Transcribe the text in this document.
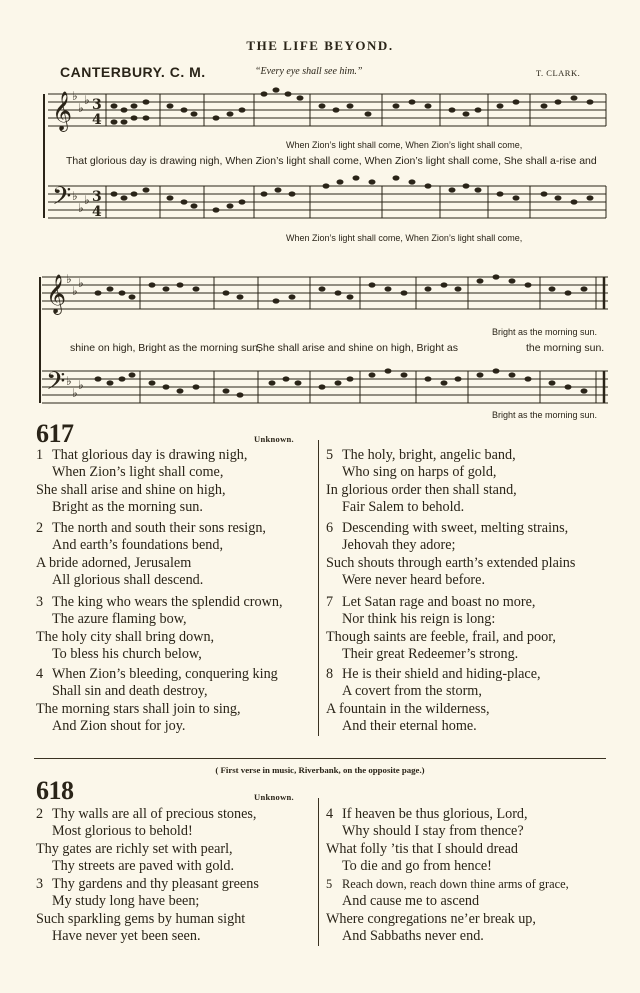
THE LIFE BEYOND.
CANTERBURY. C. M.	“Every eye shall see him.”	T. CLARK.
𝄞
𝄢
♭
♭
♭
♭
♭
♭
3
4
3
4
When Zion’s light shall come, When Zion’s light shall come,
That glorious day is drawing nigh, When Zion’s light shall come, When Zion’s light shall come, She shall a-rise and
When Zion’s light shall come, When Zion’s light shall come,
𝄞
𝄢
♭
♭
♭
♭
♭
♭
Bright as the morning sun.
shine on high, Bright as the morning sun,
She shall arise and shine on high, Bright as	the morning sun.
Bright as the morning sun.
617	Unknown.
1 That glorious day is drawing nigh,
When Zion’s light shall come,
She shall arise and shine on high,
Bright as the morning sun.
2 The north and south their sons resign,
And earth’s foundations bend,
A bride adorned, Jerusalem
All glorious shall descend.
3 The king who wears the splendid crown,
The azure flaming bow,
The holy city shall bring down,
To bless his church below,
4 When Zion’s bleeding, conquering king
Shall sin and death destroy,
The morning stars shall join to sing,
And Zion shout for joy.
5 The holy, bright, angelic band,
Who sing on harps of gold,
In glorious order then shall stand,
Fair Salem to behold.
6 Descending with sweet, melting strains,
Jehovah they adore;
Such shouts through earth’s extended plains
Were never heard before.
7 Let Satan rage and boast no more,
Nor think his reign is long:
Though saints are feeble, frail, and poor,
Their great Redeemer’s strong.
8 He is their shield and hiding-place,
A covert from the storm,
A fountain in the wilderness,
And their eternal home.
( First verse in music, Riverbank, on the opposite page.)
618	Unknown.
2 Thy walls are all of precious stones,
Most glorious to behold!
Thy gates are richly set with pearl,
Thy streets are paved with gold.
3 Thy gardens and thy pleasant greens
My study long have been;
Such sparkling gems by human sight
Have never yet been seen.
4 If heaven be thus glorious, Lord,
Why should I stay from thence?
What folly ’tis that I should dread
To die and go from hence!
5 Reach down, reach down thine arms of grace,
And cause me to ascend
Where congregations ne’er break up,
And Sabbaths never end.
